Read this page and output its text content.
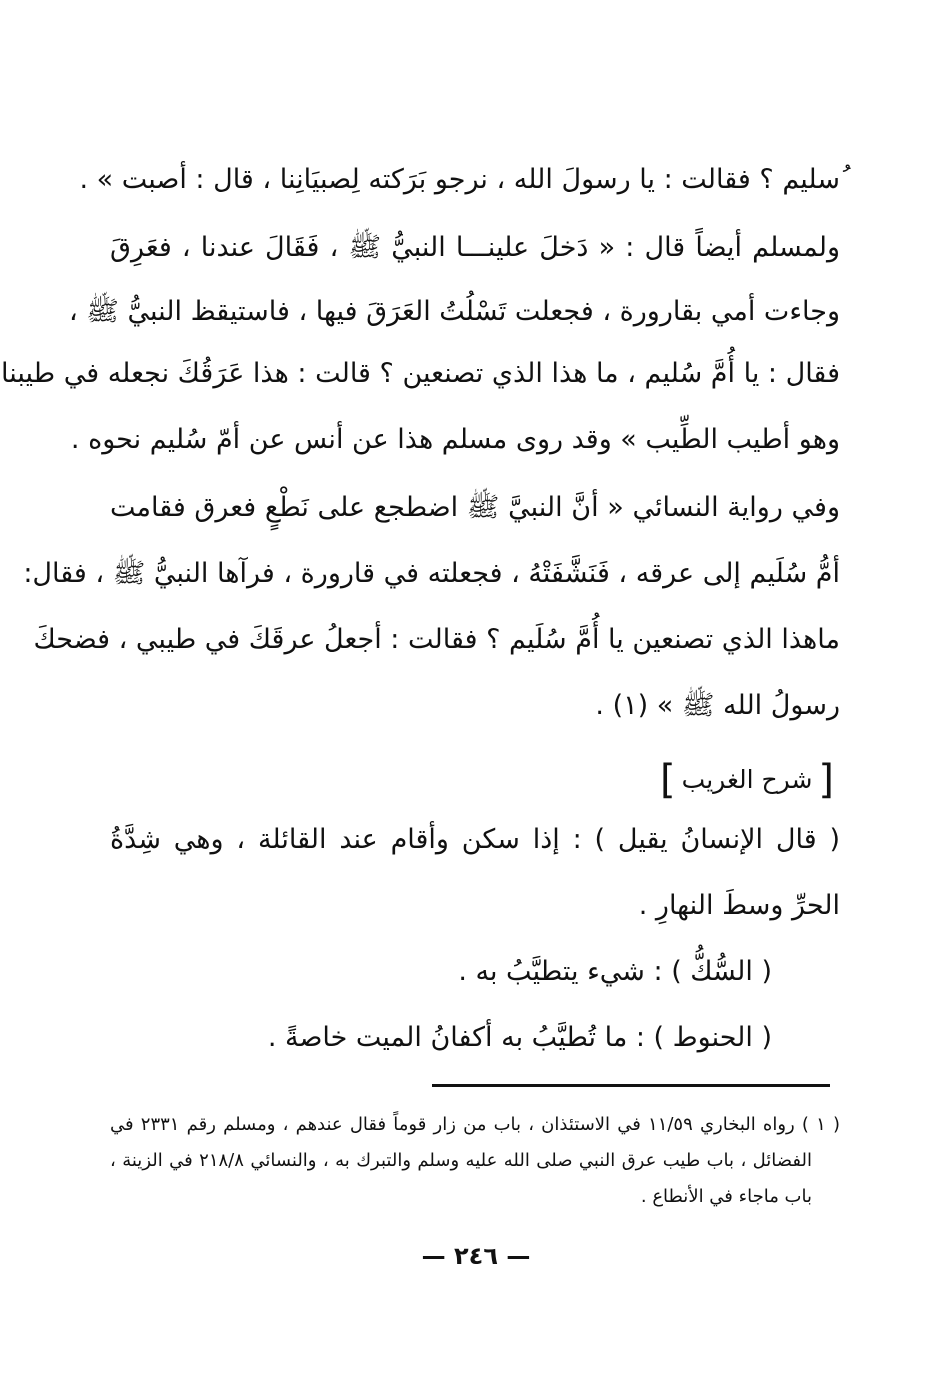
ُسليم ؟ فقالت : يا رسولَ الله ، نرجو بَرَكته لِصبيَانِنا ، قال : أصبت » .
ولمسلم أيضاً قال : « دَخلَ علينـــا النبيُّ ﷺ ، فَقَالَ عندنا ، فعَرِقَ
وجاءت أمي بقارورة ، فجعلت تَسْلُتُ العَرَقَ فيها ، فاستيقظ النبيُّ ﷺ ،
فقال : يا أُمَّ سُليم ، ما هذا الذي تصنعين ؟ قالت : هذا عَرَقُكَ نجعله في طيبنا
وهو أطيب الطِّيب » وقد روى مسلم هذا عن أنس عن أمّ سُليم نحوه .
وفي رواية النسائي « أنَّ النبيَّ ﷺ اضطجع على نَطْعٍ فعرق فقامت
أمُّ سُلَيم إلى عرقه ، فَنَشَّفَتْهُ ، فجعلته في قارورة ، فرآها النبيُّ ﷺ ، فقال:
ماهذا الذي تصنعين يا أُمَّ سُلَيم ؟ فقالت : أجعلُ عرقَكَ في طيبي ، فضحكَ
رسولُ الله ﷺ » (١) .
[
شرح الغريب
]
( قال الإنسانُ يقيل ) : إذا سكن وأقام عند القائلة ، وهي شِدَّةُ
الحرِّ وسطَ النهارِ .
( السُّكُّ ) : شيء يتطيَّبُ به .
( الحنوط ) : ما تُطيَّبُ به أكفانُ الميت خاصةً .
( ١ ) رواه البخاري ١١/٥٩ في الاستئذان ، باب من زار قوماً فقال عندهم ، ومسلم رقم ٢٣٣١ في
الفضائل ، باب طيب عرق النبي صلى الله عليه وسلم والتبرك به ، والنسائي ٢١٨/٨ في الزينة ،
باب ماجاء في الأنطاع .
— ٢٤٦ —
